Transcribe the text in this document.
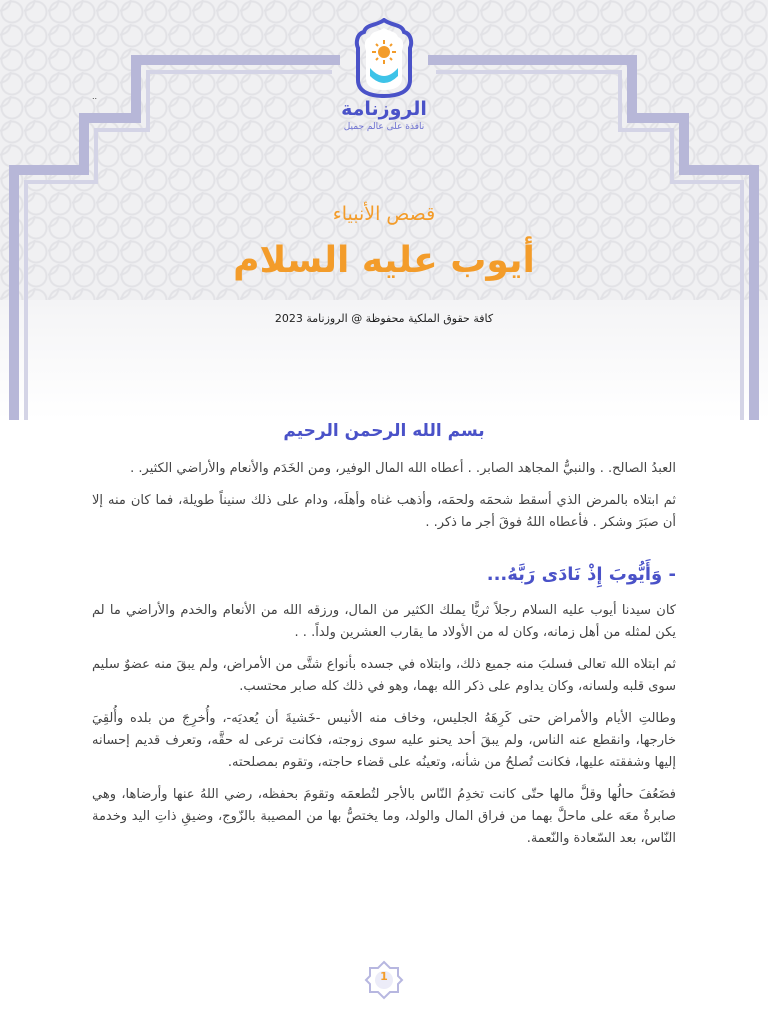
..
الروزنامة
نافذة على عالم جميل
قصص الأنبياء
أيوب عليه السلام
كافة حقوق الملكية محفوظة @ الروزنامة 2023
بسم الله الرحمن الرحيم

العبدُ الصالح. . والنبيُّ المجاهد الصابر. . أعطاه الله المال الوفير، ومن الخَدَم والأنعام والأراضي الكثير. .

ثم ابتلاه بالمرض الذي أسقط شحمَه ولحمَه، وأذهب غناه وأهلَه، ودام على ذلك سنيناً طويلة، فما كان منه إلا أن صبَرَ وشكر . فأعطاه اللهُ فوقَ أجر ما ذكر. .

- وَأَيُّوبَ إِذْ نَادَى رَبَّهُ...

كان سيدنا أيوب عليه السلام رجلاً ثريًّا يملك الكثير من المال، ورزقه الله من الأنعام والخدم والأراضي ما لم يكن لمثله من أهل زمانه، وكان له من الأولاد ما يقارب العشرين ولداً. . .

ثم ابتلاه الله تعالى فسلبَ منه جميع ذلك، وابتلاه في جسده بأنواع شتَّى من الأمراض، ولم يبقَ منه عضوٌ سليم سوى قلبه ولسانه، وكان يداوم على ذكر الله بهما، وهو في ذلك كله صابر محتسب.

وطالتِ الأيام والأمراض حتى كَرِهَهُ الجليس، وخاف منه الأنيس -خَشيةَ أن يُعديَه-، وأُخرِجَ من بلده وأُلقِيَ خارجها، وانقطع عنه الناس، ولم يبقَ أحد يحنو عليه سوى زوجته، فكانت ترعى له حقَّه، وتعرف قديم إحسانه إليها وشفقته عليها، فكانت تُصلحُ من شأنه، وتعينُه على قضاء حاجته، وتقوم بمصلحته.

فضَعُفَ حالُها وقلَّ مالها حتّى كانت تخدِمُ النّاس بالأجر لتُطعمَه وتقومَ بحفظه، رضي اللهُ عنها وأرضاها، وهي صابرةٌ معَه على ماحلَّ بهما من فراق المال والولد، وما يختصُّ بها من المصيبة بالزّوج، وضيقِ ذاتِ اليد وخدمة النّاس، بعد السّعادة والنّعمة.

1
